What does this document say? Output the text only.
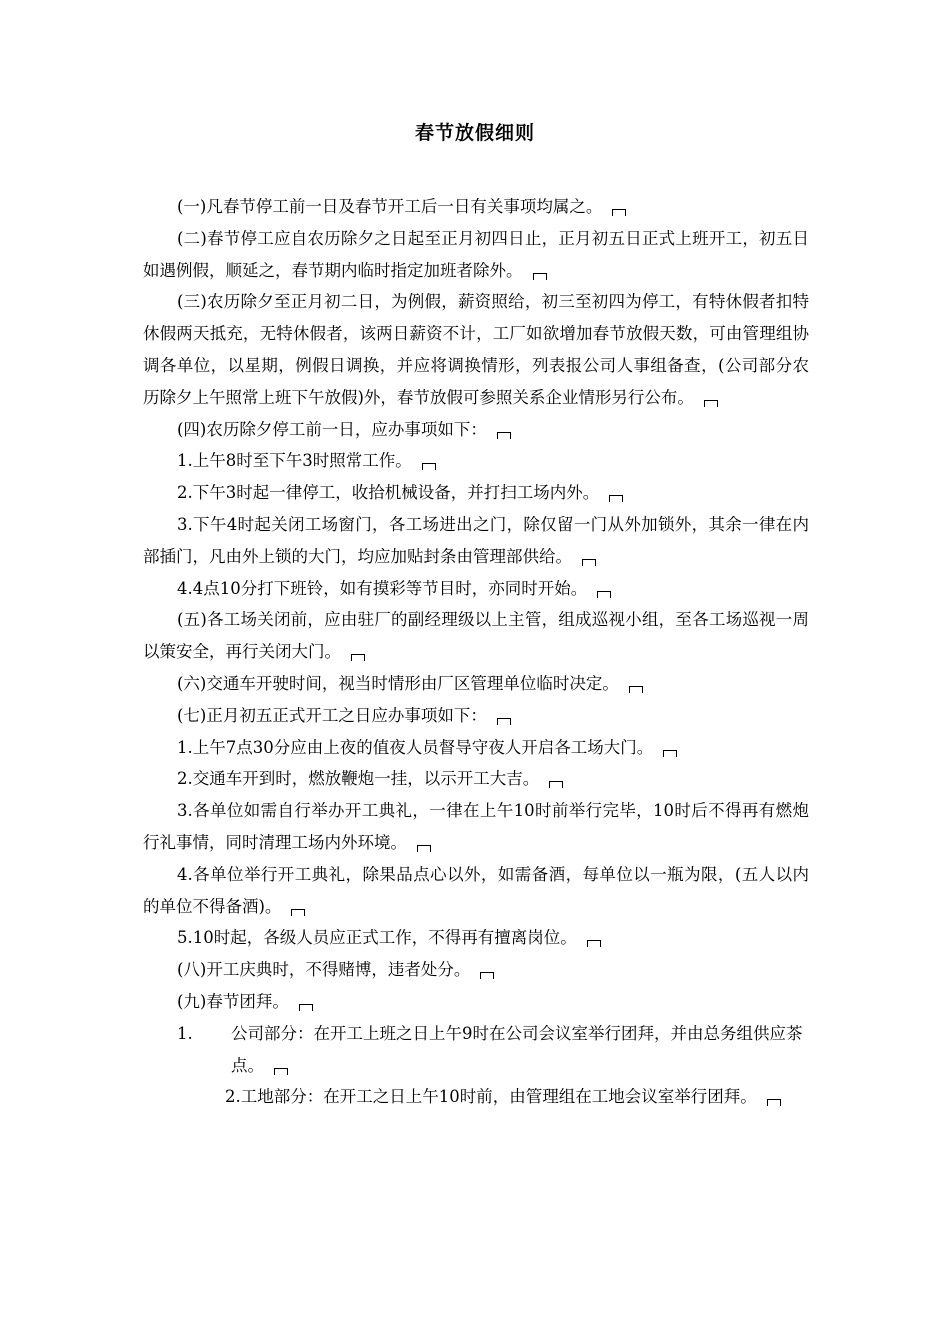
春节放假细则

(一)凡春节停工前一日及春节开工后一日有关事项均属之。

(二)春节停工应自农历除夕之日起至正月初四日止，正月初五日正式上班开工，初五日如遇例假，顺延之，春节期内临时指定加班者除外。

(三)农历除夕至正月初二日，为例假，薪资照给，初三至初四为停工，有特休假者扣特休假两天抵充，无特休假者，该两日薪资不计，工厂如欲增加春节放假天数，可由管理组协调各单位，以星期，例假日调换，并应将调换情形，列表报公司人事组备查，(公司部分农历除夕上午照常上班下午放假)外，春节放假可参照关系企业情形另行公布。

(四)农历除夕停工前一日，应办事项如下：

1.上午8时至下午3时照常工作。

2.下午3时起一律停工，收拾机械设备，并打扫工场内外。

3.下午4时起关闭工场窗门，各工场进出之门，除仅留一门从外加锁外，其余一律在内部插门，凡由外上锁的大门，均应加贴封条由管理部供给。

4.4点10分打下班铃，如有摸彩等节目时，亦同时开始。

(五)各工场关闭前，应由驻厂的副经理级以上主管，组成巡视小组，至各工场巡视一周以策安全，再行关闭大门。

(六)交通车开驶时间，视当时情形由厂区管理单位临时决定。

(七)正月初五正式开工之日应办事项如下：

1.上午7点30分应由上夜的值夜人员督导守夜人开启各工场大门。

2.交通车开到时，燃放鞭炮一挂，以示开工大吉。

3.各单位如需自行举办开工典礼，一律在上午10时前举行完毕，10时后不得再有燃炮行礼事情，同时清理工场内外环境。

4.各单位举行开工典礼，除果品点心以外，如需备酒，每单位以一瓶为限，(五人以内的单位不得备酒)。

5.10时起，各级人员应正式工作，不得再有擅离岗位。

(八)开工庆典时，不得赌博，违者处分。

(九)春节团拜。

1.	公司部分：在开工上班之日上午9时在公司会议室举行团拜，并由总务组供应茶点。

2.工地部分：在开工之日上午10时前，由管理组在工地会议室举行团拜。
